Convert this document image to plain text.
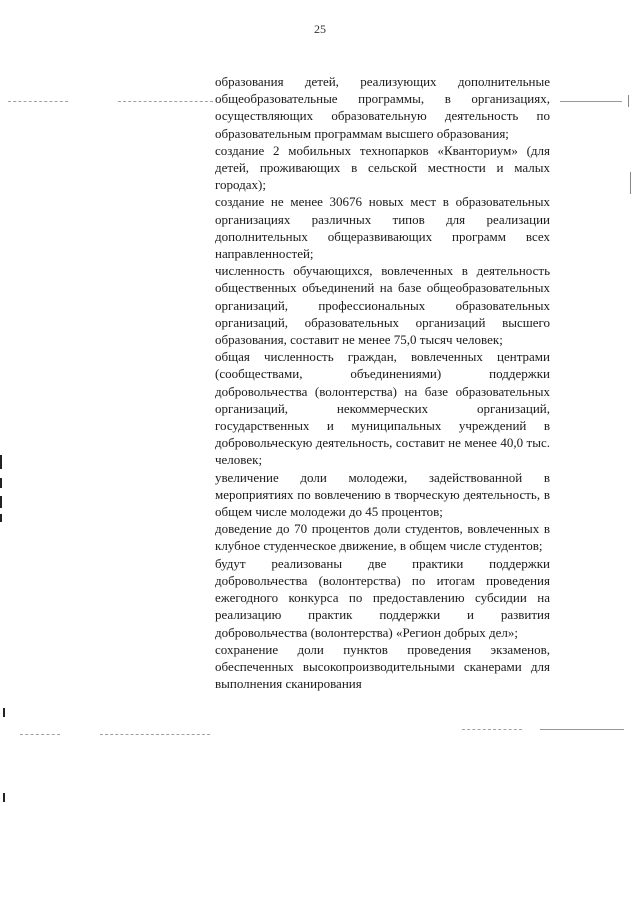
25

образования детей, реализующих дополнительные общеобразовательные программы, в организациях, осуществляющих образовательную деятельность по образовательным программам высшего образования;

создание 2 мобильных технопарков «Кванториум» (для детей, проживающих в сельской местности и малых городах);

создание не менее 30676 новых мест в образовательных организациях различных типов для реализации дополнительных общеразвивающих программ всех направленностей;

численность обучающихся, вовлеченных в деятельность общественных объединений на базе общеобразовательных организаций, профессиональных образовательных организаций, образовательных организаций высшего образования, составит не менее 75,0 тысяч человек;

общая численность граждан, вовлеченных центрами (сообществами, объединениями) поддержки добровольчества (волонтерства) на базе образовательных организаций, некоммерческих организаций, государственных и муниципальных учреждений в добровольческую деятельность, составит не менее 40,0 тыс. человек;

увеличение доли молодежи, задействованной в мероприятиях по вовлечению в творческую деятельность, в общем числе молодежи до 45 процентов;

доведение до 70 процентов доли студентов, вовлеченных в клубное студенческое движение, в общем числе студентов;

будут реализованы две практики поддержки добровольчества (волонтерства) по итогам проведения ежегодного конкурса по предоставлению субсидии на реализацию практик поддержки и развития добровольчества (волонтерства) «Регион добрых дел»;

сохранение доли пунктов проведения экзаменов, обеспеченных высокопроизводительными сканерами для выполнения сканирования
